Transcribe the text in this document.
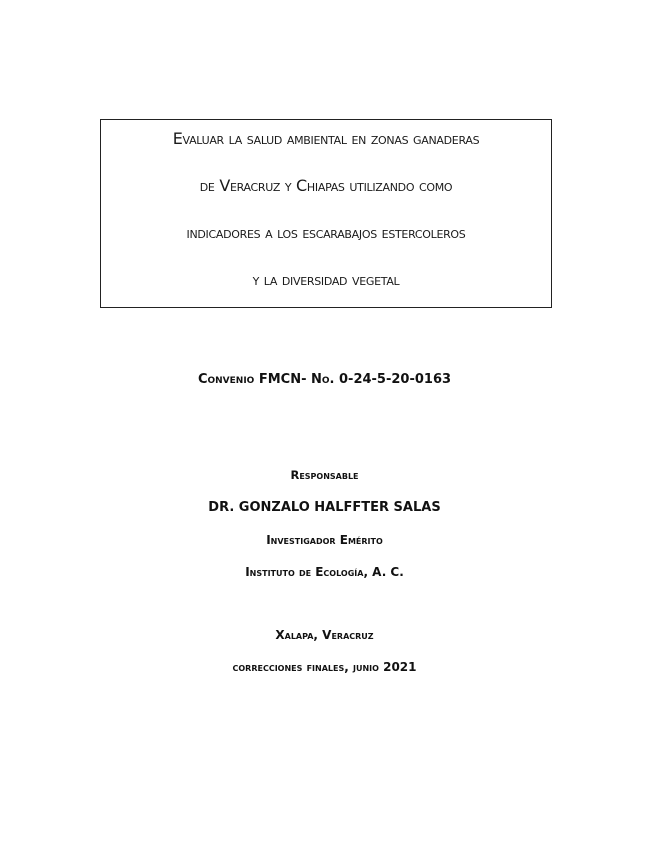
Evaluar la salud ambiental en zonas ganaderas
de Veracruz y Chiapas utilizando como
indicadores a los escarabajos estercoleros
y la diversidad vegetal
Convenio FMCN- No. 0-24-5-20-0163
Responsable
DR. GONZALO HALFFTER SALAS
Investigador Emérito
Instituto de Ecología, A. C.
Xalapa, Veracruz
correcciones finales, junio 2021
